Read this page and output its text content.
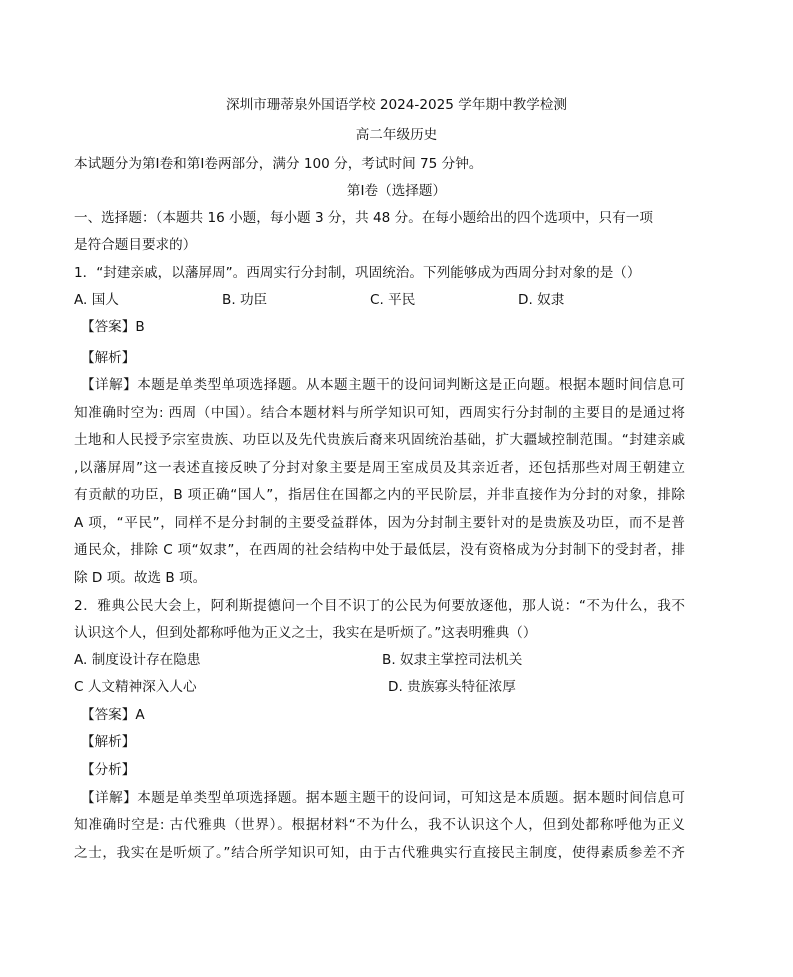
深圳市珊蒂泉外国语学校 2024-2025 学年期中教学检测
高二年级历史
本试题分为第Ⅰ卷和第Ⅰ卷两部分，满分 100 分，考试时间 75 分钟。
第Ⅰ卷（选择题）
一、选择题：（本题共 16 小题，每小题 3 分，共 48 分。在每小题给出的四个选项中，只有一项
是符合题目要求的）
1．“封建亲戚，以藩屏周”。西周实行分封制，巩固统治。下列能够成为西周分封对象的是（）
A. 国人	B. 功臣	C. 平民	D. 奴隶
【答案】B
【解析】
【详解】本题是单类型单项选择题。从本题主题干的设问词判断这是正向题。根据本题时间信息可
知准确时空为: 西周（中国）。结合本题材料与所学知识可知，西周实行分封制的主要目的是通过将
土地和人民授予宗室贵族、功臣以及先代贵族后裔来巩固统治基础，扩大疆域控制范围。“封建亲戚
,以藩屏周”这一表述直接反映了分封对象主要是周王室成员及其亲近者，还包括那些对周王朝建立
有贡献的功臣，B 项正确“国人”，指居住在国都之内的平民阶层，并非直接作为分封的对象，排除
A 项，“平民”，同样不是分封制的主要受益群体，因为分封制主要针对的是贵族及功臣，而不是普
通民众，排除 C 项“奴隶”，在西周的社会结构中处于最低层，没有资格成为分封制下的受封者，排
除 D 项。故选 B 项。
2．雅典公民大会上，阿利斯提德问一个目不识丁的公民为何要放逐他，那人说：“不为什么，我不
认识这个人，但到处都称呼他为正义之士，我实在是听烦了。”这表明雅典（）
A. 制度设计存在隐患	B. 奴隶主掌控司法机关
C 人文精神深入人心	D. 贵族寡头特征浓厚
【答案】A
【解析】
【分析】
【详解】本题是单类型单项选择题。据本题主题干的设问词，可知这是本质题。据本题时间信息可
知准确时空是: 古代雅典（世界）。根据材料“不为什么，我不认识这个人，但到处都称呼他为正义
之士，我实在是听烦了。”结合所学知识可知，由于古代雅典实行直接民主制度，使得素质参差不齐
